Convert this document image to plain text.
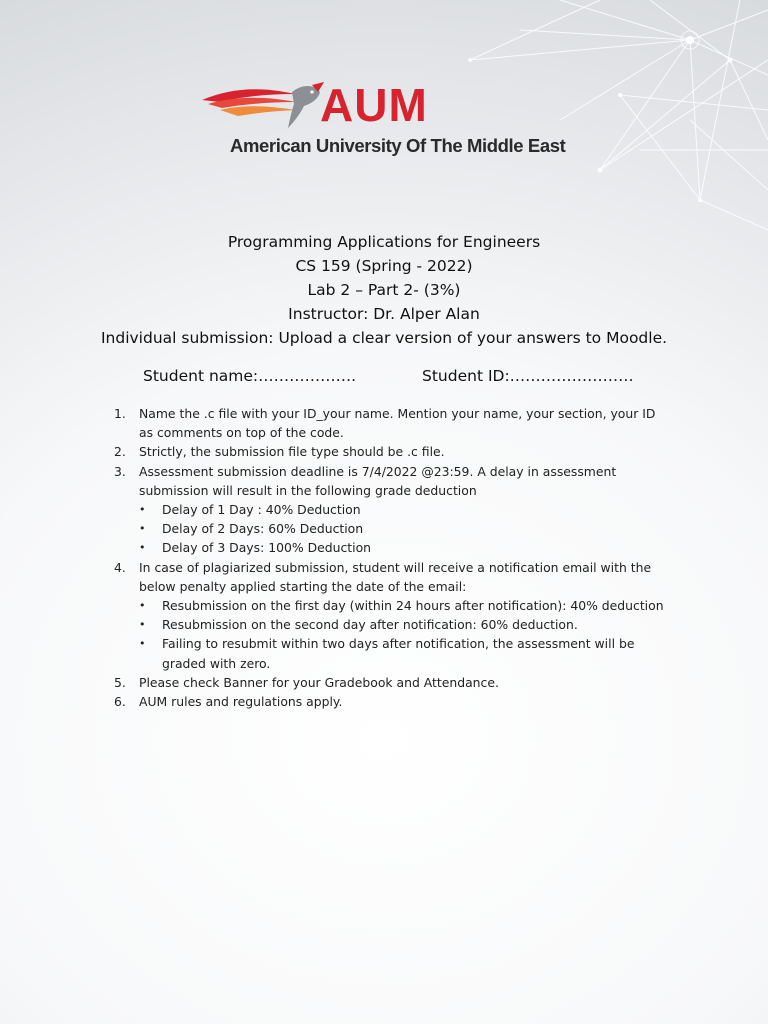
AUM
American University Of The Middle East
Programming Applications for Engineers
CS 159 (Spring - 2022)
Lab 2 – Part 2- (3%)
Instructor: Dr. Alper Alan
Individual submission: Upload a clear version of your answers to Moodle.
Student name:……………….	Student ID:……………………
1. Name the .c file with your ID_your name. Mention your name, your section, your ID
as comments on top of the code.
2. Strictly, the submission file type should be .c file.
3. Assessment submission deadline is 7/4/2022 @23:59. A delay in assessment
submission will result in the following grade deduction
• Delay of 1 Day : 40% Deduction
• Delay of 2 Days: 60% Deduction
• Delay of 3 Days: 100% Deduction
4. In case of plagiarized submission, student will receive a notification email with the
below penalty applied starting the date of the email:
• Resubmission on the first day (within 24 hours after notification): 40% deduction
• Resubmission on the second day after notification: 60% deduction.
• Failing to resubmit within two days after notification, the assessment will be
graded with zero.
5. Please check Banner for your Gradebook and Attendance.
6. AUM rules and regulations apply.
